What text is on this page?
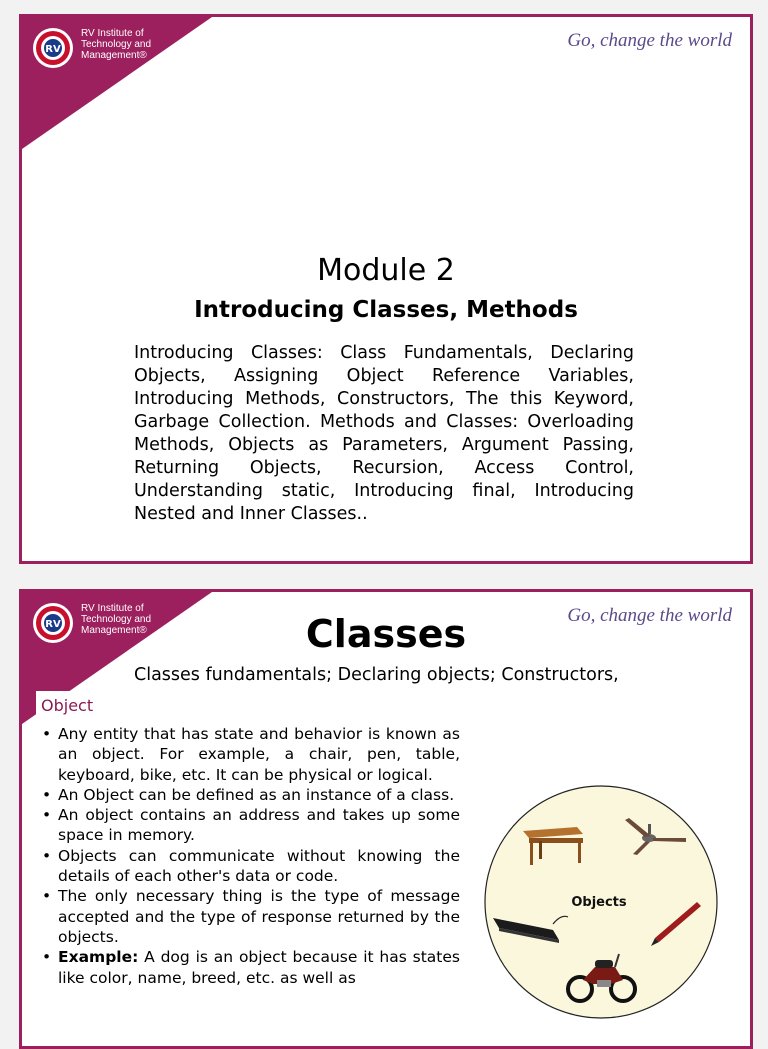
RV
RV Institute of
Technology and
Management®
Go, change the world
Module 2
Introducing Classes, Methods

Introducing Classes: Class Fundamentals, Declaring Objects, Assigning Object Reference Variables, Introducing Methods, Constructors, The this Keyword, Garbage Collection. Methods and Classes: Overloading Methods, Objects as Parameters, Argument Passing, Returning Objects, Recursion, Access Control, Understanding static, Introducing final, Introducing Nested and Inner Classes..

RV
RV Institute of
Technology and
Management®
Go, change the world
Classes

Classes fundamentals; Declaring objects; Constructors,

Object
• Any entity that has state and behavior is known as an object. For example, a chair, pen, table, keyboard, bike, etc. It can be physical or logical.
• An Object can be defined as an instance of a class.
• An object contains an address and takes up some space in memory.
• Objects can communicate without knowing the details of each other's data or code.
• The only necessary thing is the type of message accepted and the type of response returned by the objects.
• Example: A dog is an object because it has states like color, name, breed, etc. as well as
Objects
